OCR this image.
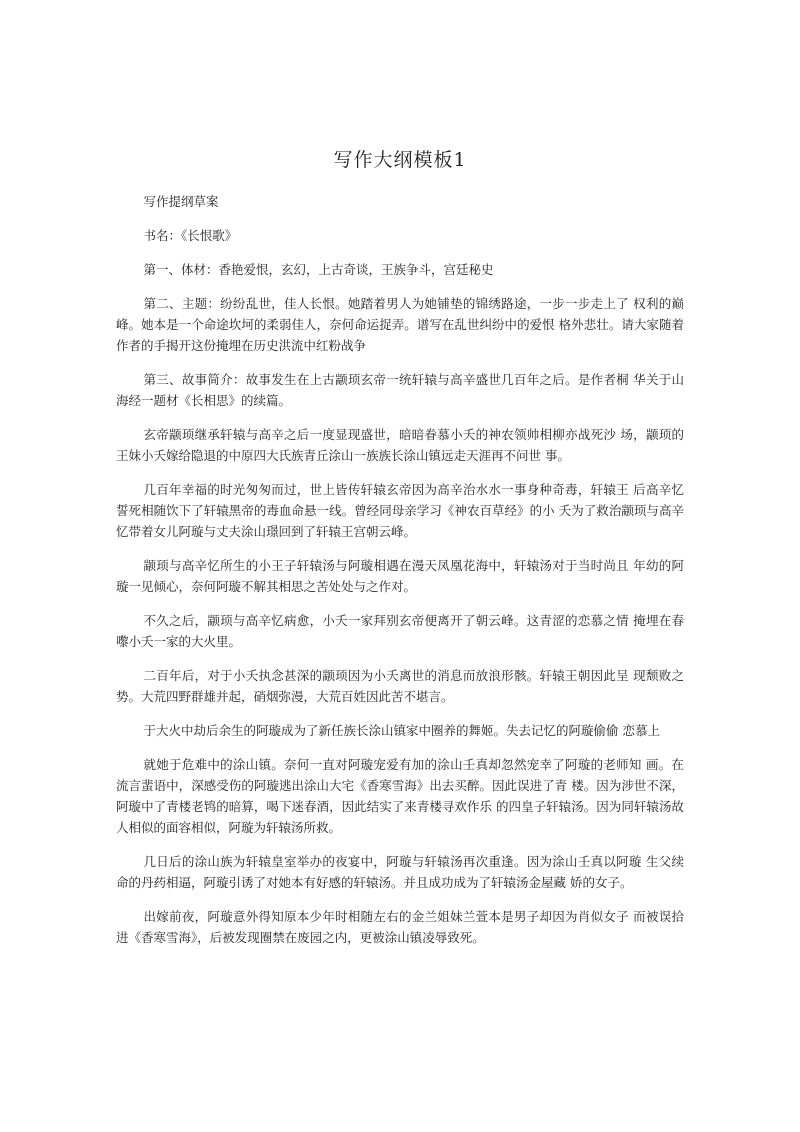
写作大纲模板1

写作提纲草案

书名：《长恨歌》

第一、体材：香艳爱恨，玄幻，上古奇谈，王族争斗，宫廷秘史

第二、主题：纷纷乱世，佳人长恨。她踏着男人为她铺垫的锦绣路途，一步一步走上了 权利的巅峰。她本是一个命途坎坷的柔弱佳人，奈何命运捉弄。谱写在乱世纠纷中的爱恨 格外悲壮。请大家随着作者的手揭开这份掩埋在历史洪流中红粉战争

第三、故事简介：故事发生在上古颛顼玄帝一统轩辕与高辛盛世几百年之后。是作者桐 华关于山海经一题材《长相思》的续篇。

玄帝颛顼继承轩辕与高辛之后一度显现盛世，暗暗眷慕小夭的神农领帅相柳亦战死沙 场，颛顼的王妹小夭嫁给隐退的中原四大氏族青丘涂山一族族长涂山镇远走天涯再不问世 事。

几百年幸福的时光匆匆而过，世上皆传轩辕玄帝因为高辛治水水一事身种奇毒，轩辕王 后高辛忆誓死相随饮下了轩辕黑帝的毒血命悬一线。曾经同母亲学习《神农百草经》的小 夭为了救治颛顼与高辛忆带着女儿阿璇与丈夫涂山璟回到了轩辕王宫朝云峰。

颛顼与高辛忆所生的小王子轩辕汤与阿璇相遇在漫天凤凰花海中，轩辕汤对于当时尚且 年幼的阿璇一见倾心，奈何阿璇不解其相思之苦处处与之作对。

不久之后，颛顼与高辛忆病愈，小夭一家拜别玄帝便离开了朝云峰。这青涩的恋慕之情 掩埋在春嚟小夭一家的大火里。

二百年后，对于小夭执念甚深的颛顼因为小夭离世的消息而放浪形骸。轩辕王朝因此呈 现颓败之势。大荒四野群雄并起，硝烟弥漫，大荒百姓因此苦不堪言。

于大火中劫后余生的阿璇成为了新任族长涂山镇家中圈养的舞姬。失去记忆的阿璇偷偷 恋慕上

就她于危难中的涂山镇。奈何一直对阿璇宠爱有加的涂山壬真却忽然宠幸了阿璇的老师知 画。在流言蜚语中，深感受伤的阿璇逃出涂山大宅《香寒雪海》出去买醉。因此误进了青 楼。因为涉世不深，阿璇中了青楼老鸨的暗算，喝下迷春酒，因此结实了来青楼寻欢作乐 的四皇子轩辕汤。因为同轩辕汤故人相似的面容相似，阿璇为轩辕汤所救。

几日后的涂山族为轩辕皇室举办的夜宴中，阿璇与轩辕汤再次重逢。因为涂山壬真以阿璇 生父续命的丹药相逼，阿璇引诱了对她本有好感的轩辕汤。并且成功成为了轩辕汤金屋藏 娇的女子。

出嫁前夜，阿璇意外得知原本少年时相随左右的金兰姐妹兰萱本是男子却因为肖似女子 而被误拾进《香寒雪海》，后被发现圈禁在废园之内，更被涂山镇凌辱致死。
